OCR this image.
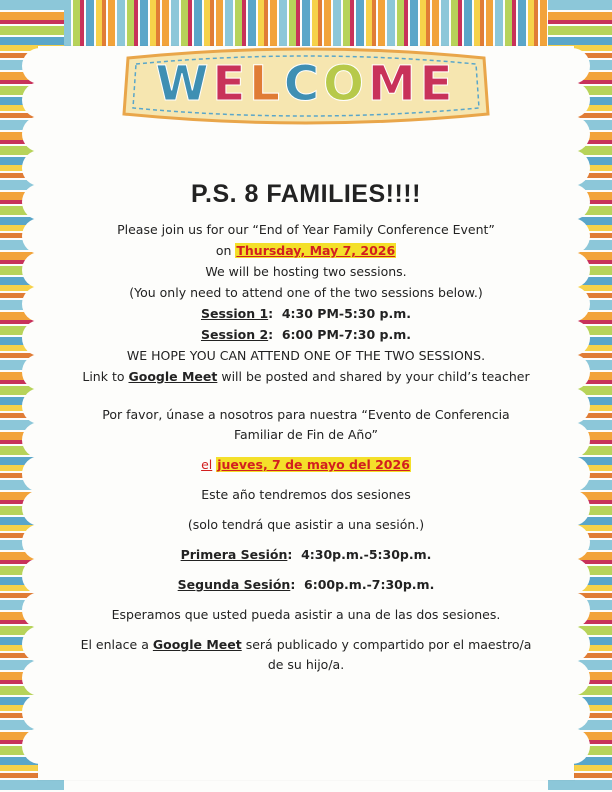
WELCOME
P.S. 8 FAMILIES!!!!

Please join us for our “End of Year Family Conference Event”

on Thursday, May 7, 2026

We will be hosting two sessions.

(You only need to attend one of the two sessions below.)

Session 1:  4:30 PM-5:30 p.m.

Session 2:  6:00 PM-7:30 p.m.

WE HOPE YOU CAN ATTEND ONE OF THE TWO SESSIONS.

Link to Google Meet will be posted and shared by your child’s teacher

Por favor, únase a nosotros para nuestra “Evento de Conferencia

Familiar de Fin de Año”

el jueves, 7 de mayo del 2026

Este año tendremos dos sesiones

(solo tendrá que asistir a una sesión.)

Primera Sesión:  4:30p.m.-5:30p.m.

Segunda Sesión:  6:00p.m.-7:30p.m.

Esperamos que usted pueda asistir a una de las dos sesiones.

El enlace a Google Meet será publicado y compartido por el maestro/a

de su hijo/a.
